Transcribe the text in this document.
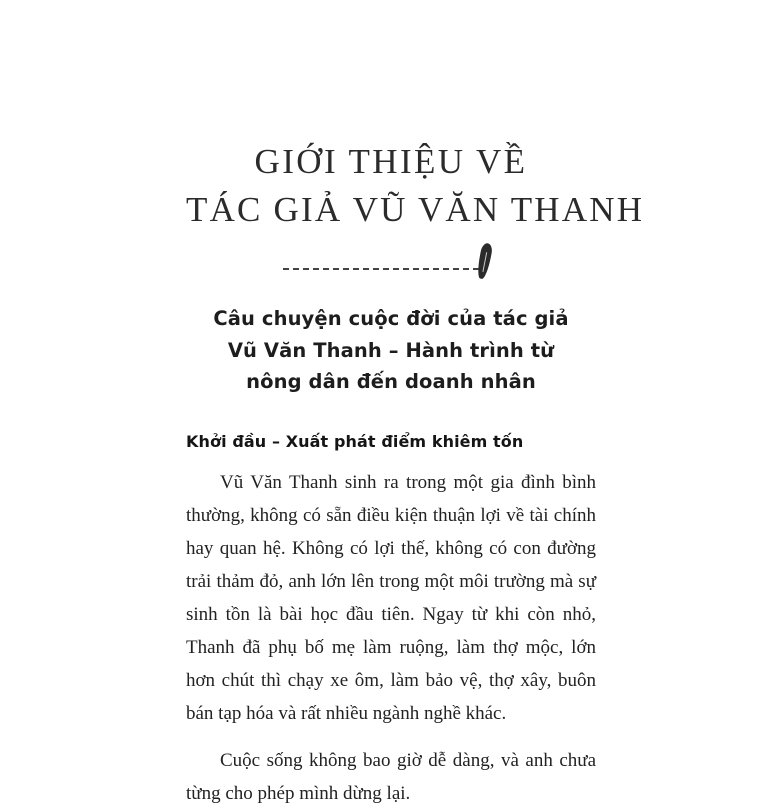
GIỚI THIỆU VỀ
TÁC GIẢ VŨ VĂN THANH
Câu chuyện cuộc đời của tác giả
Vũ Văn Thanh – Hành trình từ
nông dân đến doanh nhân
Khởi đầu – Xuất phát điểm khiêm tốn

Vũ Văn Thanh sinh ra trong một gia đình bình thường, không có sẵn điều kiện thuận lợi về tài chính hay quan hệ. Không có lợi thế, không có con đường trải thảm đỏ, anh lớn lên trong một môi trường mà sự sinh tồn là bài học đầu tiên. Ngay từ khi còn nhỏ, Thanh đã phụ bố mẹ làm ruộng, làm thợ mộc, lớn hơn chút thì chạy xe ôm, làm bảo vệ, thợ xây, buôn bán tạp hóa và rất nhiều ngành nghề khác.

Cuộc sống không bao giờ dễ dàng, và anh chưa từng cho phép mình dừng lại.
